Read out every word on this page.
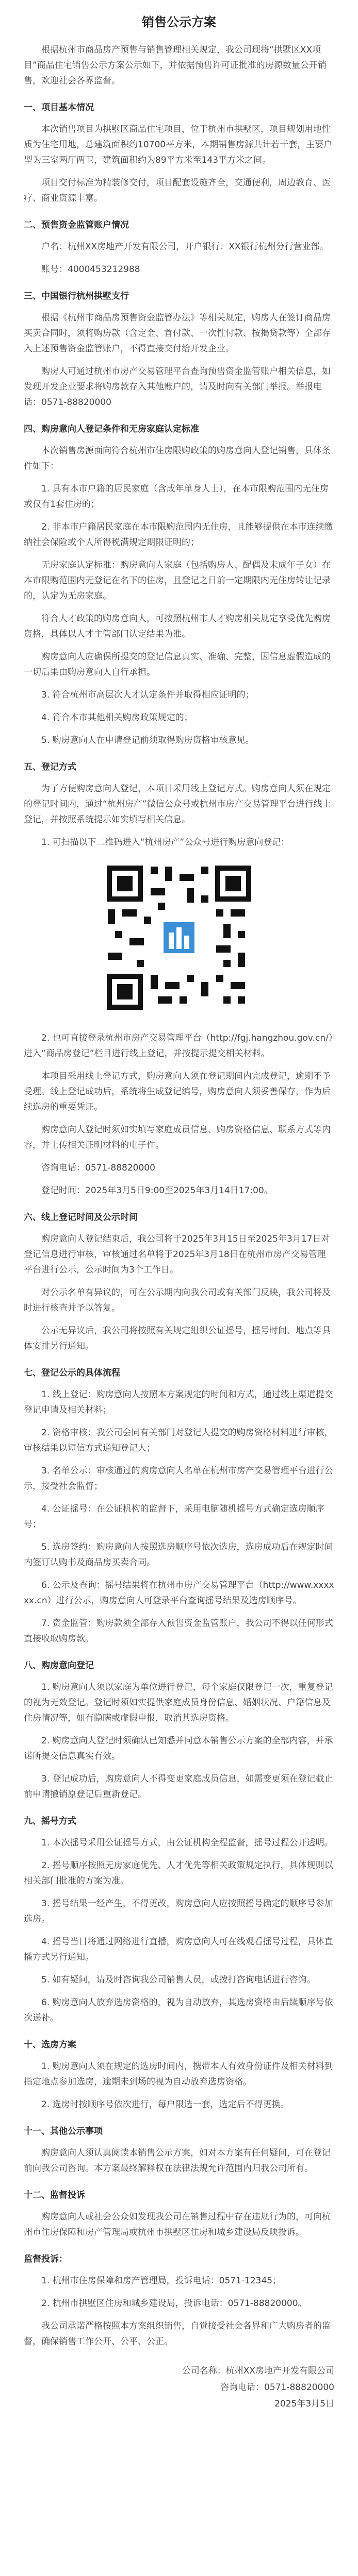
销售公示方案

根据杭州市商品房产预售与销售管理相关规定，我公司现将“拱墅区XX项目”商品住宅销售公示方案公示如下，并依据预售许可证批准的房源数量公开销售，欢迎社会各界监督。

一、项目基本情况

本次销售项目为拱墅区商品住宅项目，位于杭州市拱墅区，项目规划用地性质为住宅用地，总建筑面积约10700平方米，本期销售房源共计若干套，主要户型为三室两厅两卫，建筑面积约为89平方米至143平方米之间。

项目交付标准为精装修交付，项目配套设施齐全，交通便利，周边教育、医疗、商业资源丰富。

二、预售资金监管账户情况

户名：杭州XX房地产开发有限公司，开户银行：XX银行杭州分行营业部。

账号：4000453212988

三、中国银行杭州拱墅支行

根据《杭州市商品房预售资金监管办法》等相关规定，购房人在签订商品房买卖合同时，须将购房款（含定金、首付款、一次性付款、按揭贷款等）全部存入上述预售资金监管账户，不得直接交付给开发企业。

购房人可通过杭州市房产交易管理平台查询预售资金监管账户相关信息，如发现开发企业要求将购房款存入其他账户的，请及时向有关部门举报。举报电话：0571-88820000

四、购房意向人登记条件和无房家庭认定标准

本次销售房源面向符合杭州市住房限购政策的购房意向人登记销售，具体条件如下：

1. 具有本市户籍的居民家庭（含成年单身人士），在本市限购范围内无住房或仅有1套住房的；

2. 非本市户籍居民家庭在本市限购范围内无住房，且能够提供在本市连续缴纳社会保险或个人所得税满规定期限证明的；

无房家庭认定标准：购房意向人家庭（包括购房人、配偶及未成年子女）在本市限购范围内无登记在名下的住房，且登记之日前一定期限内无住房转让记录的，认定为无房家庭。

符合人才政策的购房意向人，可按照杭州市人才购房相关规定享受优先购房资格，具体以人才主管部门认定结果为准。

购房意向人应确保所提交的登记信息真实、准确、完整，因信息虚假造成的一切后果由购房意向人自行承担。

3. 符合杭州市高层次人才认定条件并取得相应证明的；

4. 符合本市其他相关购房政策规定的；

5. 购房意向人在申请登记前须取得购房资格审核意见。

五、登记方式

为了方便购房意向人登记，本项目采用线上登记方式。购房意向人须在规定的登记时间内，通过“杭州房产”微信公众号或杭州市房产交易管理平台进行线上登记，并按照系统提示如实填写相关信息。

1. 可扫描以下二维码进入“杭州房产”公众号进行购房意向登记：

2. 也可直接登录杭州市房产交易管理平台（http://fgj.hangzhou.gov.cn/）进入“商品房登记”栏目进行线上登记，并按提示提交相关材料。

本项目采用线上登记方式，购房意向人须在登记期间内完成登记，逾期不予受理。线上登记成功后，系统将生成登记编号，购房意向人须妥善保存，作为后续选房的重要凭证。

购房意向人登记时须如实填写家庭成员信息、购房资格信息、联系方式等内容，并上传相关证明材料的电子件。

咨询电话：0571-88820000

登记时间：2025年3月5日9:00至2025年3月14日17:00。

六、线上登记时间及公示时间

购房意向人登记结束后，我公司将于2025年3月15日至2025年3月17日对登记信息进行审核，审核通过名单将于2025年3月18日在杭州市房产交易管理平台进行公示，公示时间为3个工作日。

对公示名单有异议的，可在公示期内向我公司或有关部门反映，我公司将及时进行核查并予以答复。

公示无异议后，我公司将按照有关规定组织公证摇号，摇号时间、地点等具体安排另行通知。

七、登记公示的具体流程

1. 线上登记：购房意向人按照本方案规定的时间和方式，通过线上渠道提交登记申请及相关材料；

2. 资格审核：我公司会同有关部门对登记人提交的购房资格材料进行审核，审核结果以短信方式通知登记人；

3. 名单公示：审核通过的购房意向人名单在杭州市房产交易管理平台进行公示，接受社会监督；

4. 公证摇号：在公证机构的监督下，采用电脑随机摇号方式确定选房顺序号；

5. 选房签约：购房意向人按照选房顺序号依次选房，选房成功后在规定时间内签订认购书及商品房买卖合同。

6. 公示及查询：摇号结果将在杭州市房产交易管理平台（http://www.xxxxxx.cn）进行公示，购房意向人可登录平台查询摇号结果及选房顺序号。

7. 资金监管：购房款须全部存入预售资金监管账户，我公司不得以任何形式直接收取购房款。

八、购房意向登记

1. 购房意向人须以家庭为单位进行登记，每个家庭仅限登记一次，重复登记的视为无效登记。登记时须如实提供家庭成员身份信息、婚姻状况、户籍信息及住房情况等，如有隐瞒或虚假申报，取消其选房资格。

2. 购房意向人登记时须确认已知悉并同意本销售公示方案的全部内容，并承诺所提交信息真实有效。

3. 登记成功后，购房意向人不得变更家庭成员信息，如需变更须在登记截止前申请撤销原登记后重新登记。

九、摇号方式

1. 本次摇号采用公证摇号方式，由公证机构全程监督，摇号过程公开透明。

2. 摇号顺序按照无房家庭优先、人才优先等相关政策规定执行，具体规则以相关部门批准的方案为准。

3. 摇号结果一经产生，不得更改，购房意向人应按照摇号确定的顺序号参加选房。

4. 摇号当日将通过网络进行直播，购房意向人可在线观看摇号过程，具体直播方式另行通知。

5. 如有疑问，请及时咨询我公司销售人员，或拨打咨询电话进行咨询。

6. 购房意向人放弃选房资格的，视为自动放弃，其选房资格由后续顺序号依次递补。

十、选房方案

1. 购房意向人须在规定的选房时间内，携带本人有效身份证件及相关材料到指定地点参加选房，逾期未到场的视为自动放弃选房资格。

2. 选房时按顺序号依次进行，每户限选一套，选定后不得更换。

十一、其他公示事项

购房意向人须认真阅读本销售公示方案，如对本方案有任何疑问，可在登记前向我公司咨询。本方案最终解释权在法律法规允许范围内归我公司所有。

十二、监督投诉

购房意向人或社会公众如发现我公司在销售过程中存在违规行为的，可向杭州市住房保障和房产管理局或杭州市拱墅区住房和城乡建设局反映投诉。

监督投诉：

1. 杭州市住房保障和房产管理局，投诉电话：0571-12345；

2. 杭州市拱墅区住房和城乡建设局，投诉电话：0571-88820000。

我公司承诺严格按照本方案组织销售，自觉接受社会各界和广大购房者的监督，确保销售工作公开、公平、公正。

公司名称：杭州XX房地产开发有限公司
咨询电话：0571-88820000
2025年3月5日
